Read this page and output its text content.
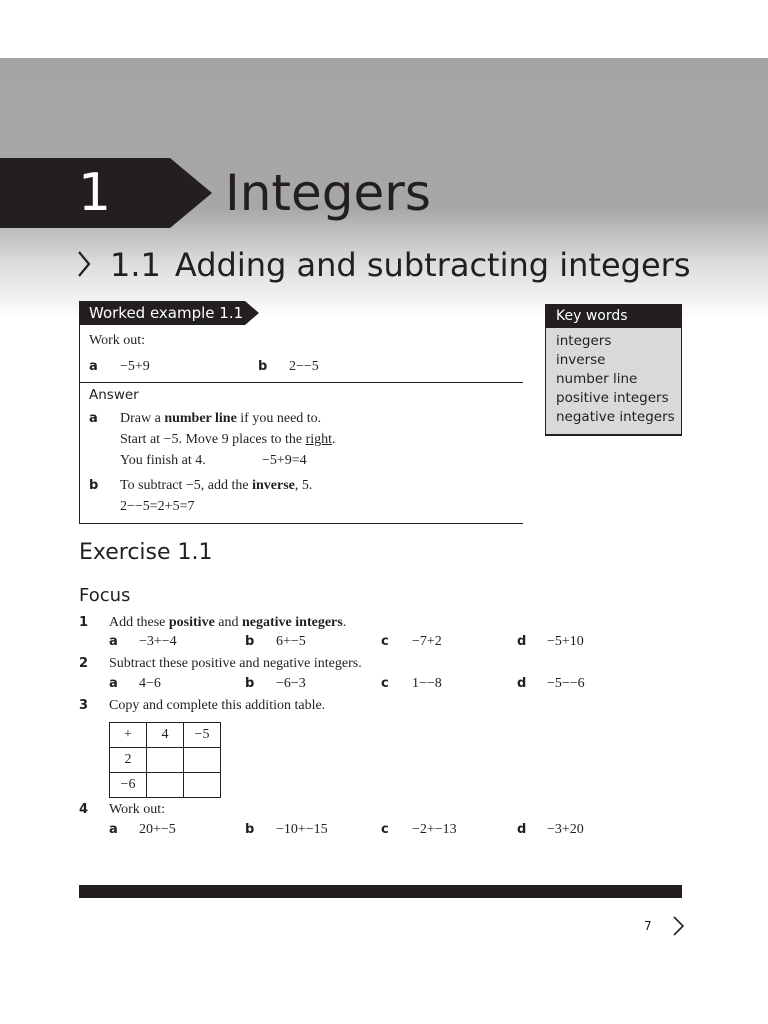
1 Integers
1.1 Adding and subtracting integers
Worked example 1.1
Work out:
a −5+9	b 2−−5
Answer
a Draw a number line if you need to.
Start at −5. Move 9 places to the right.
You finish at 4.	−5+9=4
b To subtract −5, add the inverse, 5.
2−−5=2+5=7
Key words
integers
inverse
number line
positive integers
negative integers
Exercise 1.1
Focus
1 Add these positive and negative integers.
a −3+−4	b 6+−5	c −7+2	d −5+10
2 Subtract these positive and negative integers.
a 4−6	b −6−3	c 1−−8	d −5−−6
3 Copy and complete this addition table.
+	4	−5
2		
−6		
4 Work out:
a 20+−5	b −10+−15	c −2+−13	d −3+20
7
